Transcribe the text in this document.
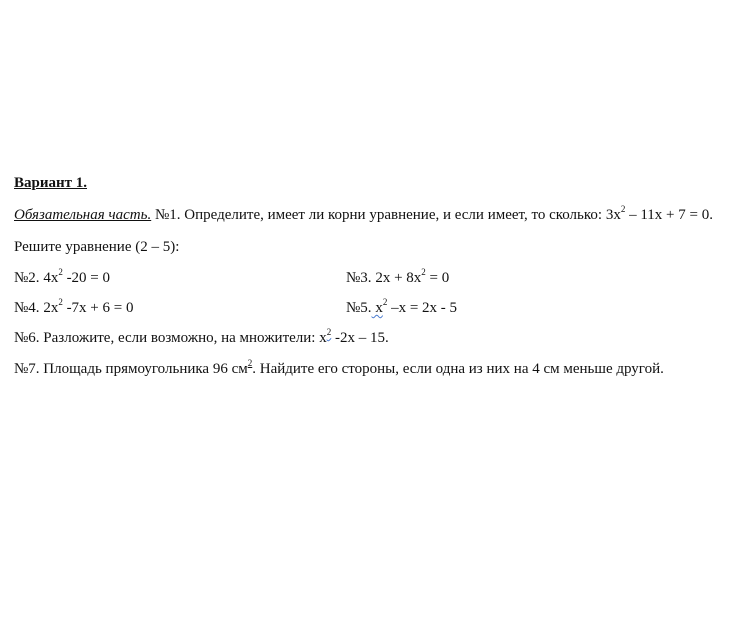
Вариант 1.
Обязательная часть. №1. Определите, имеет ли корни уравнение, и если имеет, то сколько: $3x^2 - 11x + 7 = 0$.
Решите уравнение (2 – 5):
№2. $4x^2$ -20 = 0	№3. $2x + 8x^2 = 0$
№4. $2x^2$ -7x + 6 = 0	№5. $x^2$ –x = 2x - 5
№6. Разложите, если возможно, на множители: $x^2$ -2x – 15.
№7. Площадь прямоугольника 96 $см^2$. Найдите его стороны, если одна из них на 4 см меньше другой.
